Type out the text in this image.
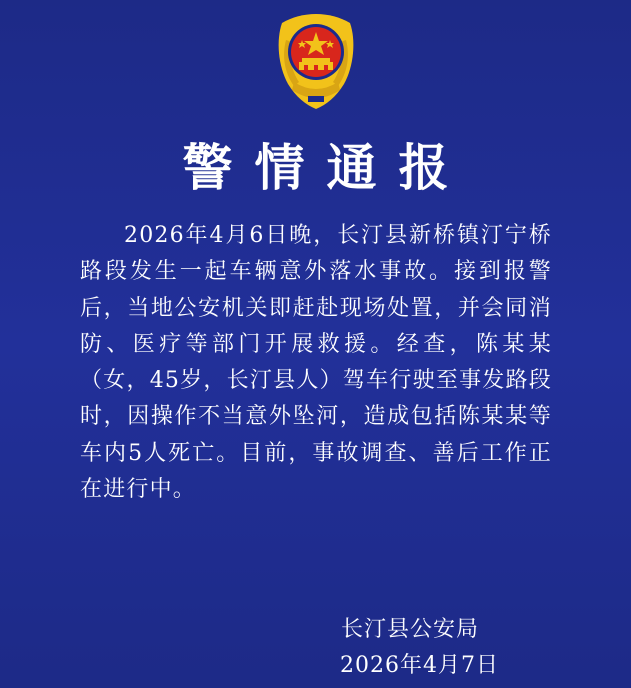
警情通报

2026年4月6日晚，长汀县新桥镇汀宁桥路段发生一起车辆意外落水事故。接到报警后，当地公安机关即赶赴现场处置，并会同消防、医疗等部门开展救援。经查，陈某某（女，45岁，长汀县人）驾车行驶至事发路段时，因操作不当意外坠河，造成包括陈某某等车内5人死亡。目前，事故调查、善后工作正在进行中。

长汀县公安局
2026年4月7日
